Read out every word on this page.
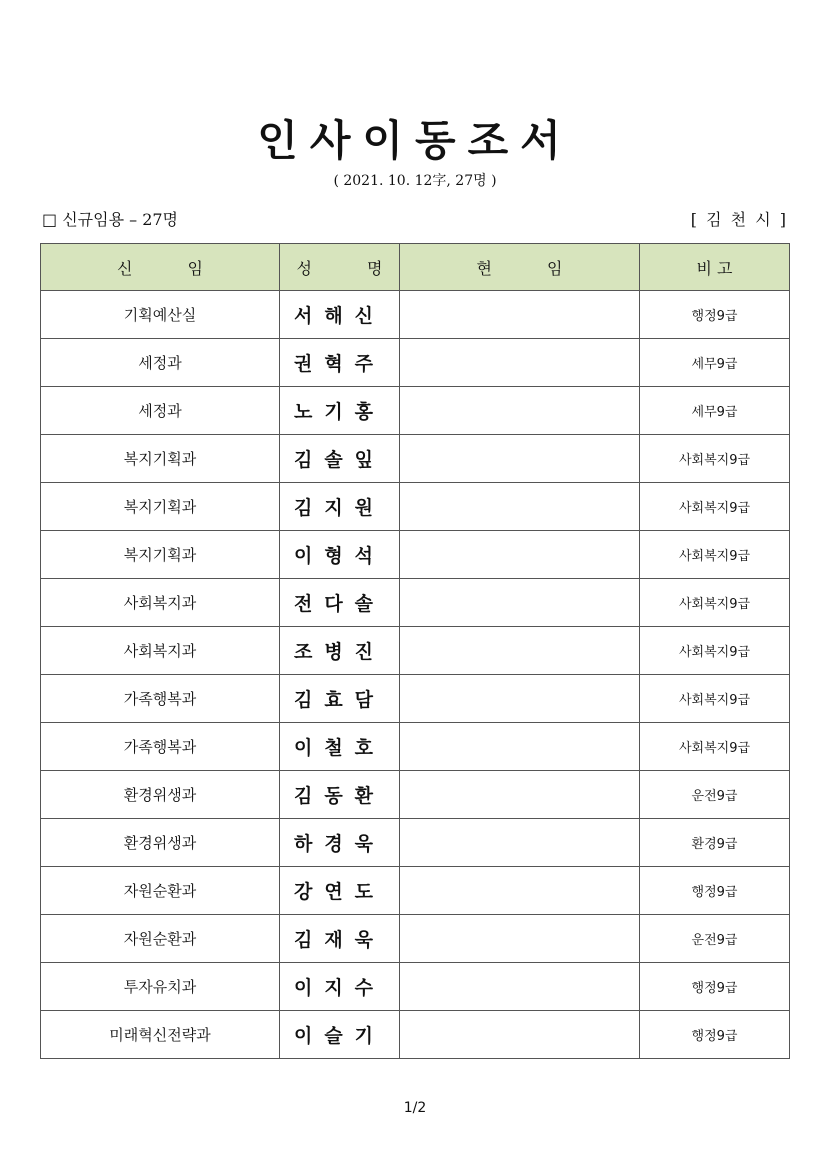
인사이동조서
( 2021. 10. 12字, 27명 )
□ 신규임용 – 27명	[ 김 천 시 ]
신 임	성 명	현 임	비 고
기획예산실	서해신		행정9급
세정과	권혁주		세무9급
세정과	노기홍		세무9급
복지기획과	김솔잎		사회복지9급
복지기획과	김지원		사회복지9급
복지기획과	이형석		사회복지9급
사회복지과	전다솔		사회복지9급
사회복지과	조병진		사회복지9급
가족행복과	김효담		사회복지9급
가족행복과	이철호		사회복지9급
환경위생과	김동환		운전9급
환경위생과	하경욱		환경9급
자원순환과	강연도		행정9급
자원순환과	김재욱		운전9급
투자유치과	이지수		행정9급
미래혁신전략과	이슬기		행정9급
1/2
